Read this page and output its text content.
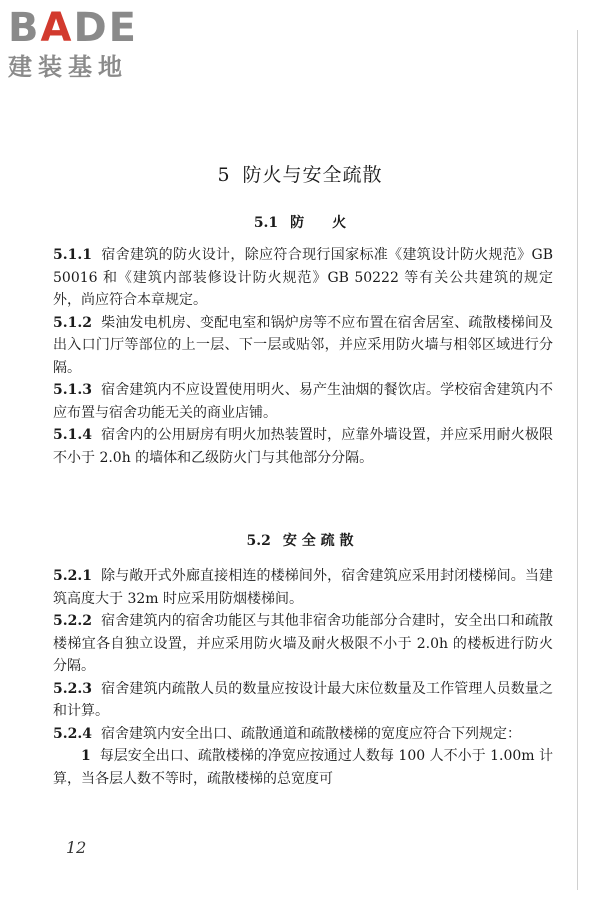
BADE
建装基地
5 防火与安全疏散
5.1 防　　火

5.1.1 宿舍建筑的防火设计，除应符合现行国家标准《建筑设计防火规范》GB 50016 和《建筑内部装修设计防火规范》GB 50222 等有关公共建筑的规定外，尚应符合本章规定。

5.1.2 柴油发电机房、变配电室和锅炉房等不应布置在宿舍居室、疏散楼梯间及出入口门厅等部位的上一层、下一层或贴邻，并应采用防火墙与相邻区域进行分隔。

5.1.3 宿舍建筑内不应设置使用明火、易产生油烟的餐饮店。学校宿舍建筑内不应布置与宿舍功能无关的商业店铺。

5.1.4 宿舍内的公用厨房有明火加热装置时，应靠外墙设置，并应采用耐火极限不小于 2.0h 的墙体和乙级防火门与其他部分分隔。

5.2 安 全 疏 散

5.2.1 除与敞开式外廊直接相连的楼梯间外，宿舍建筑应采用封闭楼梯间。当建筑高度大于 32m 时应采用防烟楼梯间。

5.2.2 宿舍建筑内的宿舍功能区与其他非宿舍功能部分合建时，安全出口和疏散楼梯宜各自独立设置，并应采用防火墙及耐火极限不小于 2.0h 的楼板进行防火分隔。

5.2.3 宿舍建筑内疏散人员的数量应按设计最大床位数量及工作管理人员数量之和计算。

5.2.4 宿舍建筑内安全出口、疏散通道和疏散楼梯的宽度应符合下列规定：

1 每层安全出口、疏散楼梯的净宽应按通过人数每 100 人不小于 1.00m 计算，当各层人数不等时，疏散楼梯的总宽度可

12
